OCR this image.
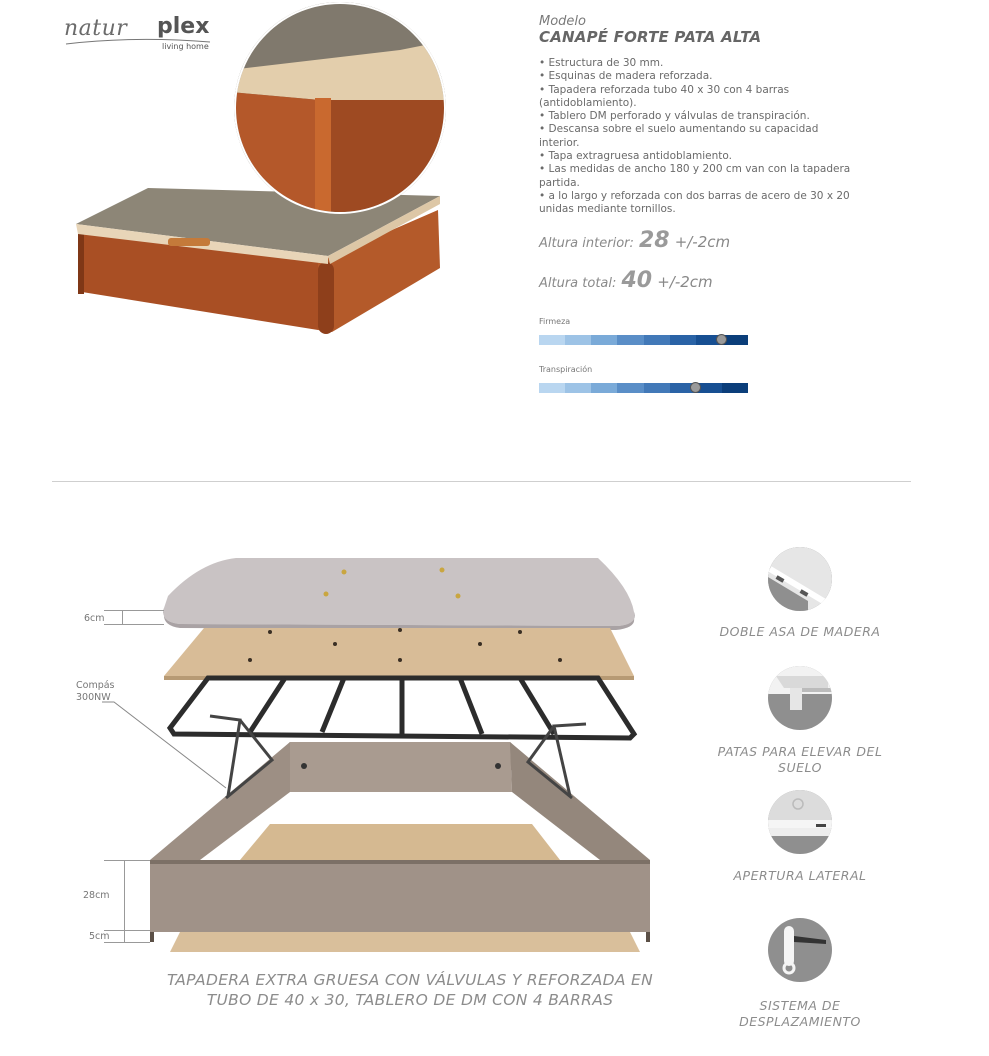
natur plex
living home
Modelo
CANAPÉ FORTE PATA ALTA
• Estructura de 30 mm.
• Esquinas de madera reforzada.
• Tapadera reforzada tubo 40 x 30 con 4 barras (antidoblamiento).
• Tablero DM perforado y válvulas de transpiración.
• Descansa sobre el suelo aumentando su capacidad interior.
• Tapa extragruesa antidoblamiento.
• Las medidas de ancho 180 y 200 cm van con la tapadera partida.
• a lo largo y reforzada con dos barras de acero de 30 x 20 unidas mediante tornillos.
Altura interior: 28 +/-2cm
Altura total: 40 +/-2cm
Firmeza
Transpiración
6cm
Compás 300NW
28cm
5cm
TAPADERA EXTRA GRUESA CON VÁLVULAS Y REFORZADA EN TUBO DE 40 x 30, TABLERO DE DM CON 4 BARRAS
DOBLE ASA DE MADERA
PATAS PARA ELEVAR DEL SUELO
APERTURA LATERAL
SISTEMA DE DESPLAZAMIENTO
